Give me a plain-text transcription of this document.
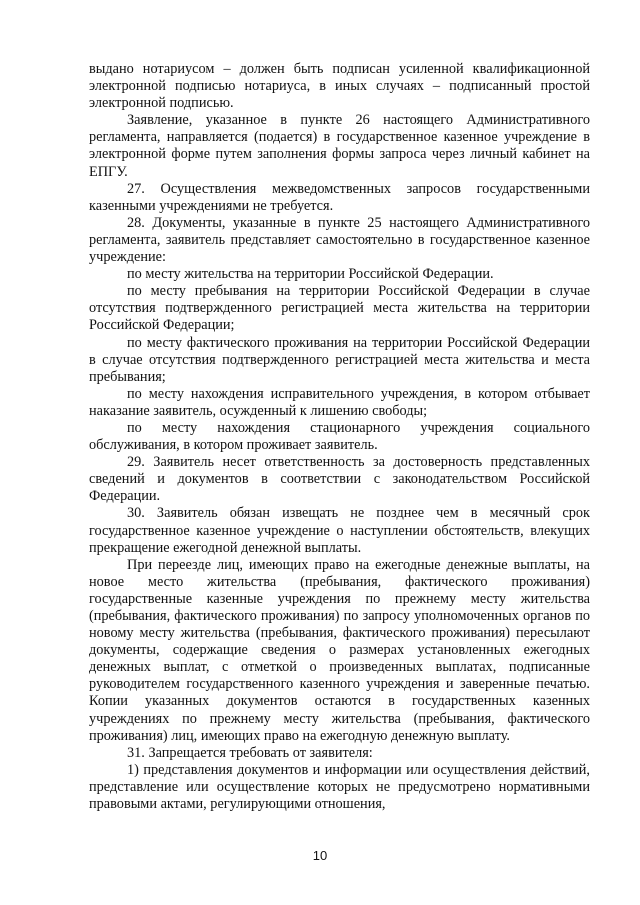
выдано нотариусом – должен быть подписан усиленной квалификационной электронной подписью нотариуса, в иных случаях – подписанный простой электронной подписью.

Заявление, указанное в пункте 26 настоящего Административного регламента, направляется (подается) в государственное казенное учреждение в электронной форме путем заполнения формы запроса через личный кабинет на ЕПГУ.

27. Осуществления межведомственных запросов государственными казенными учреждениями не требуется.

28. Документы, указанные в пункте 25 настоящего Административного регламента, заявитель представляет самостоятельно в государственное казенное учреждение:

по месту жительства на территории Российской Федерации.

по месту пребывания на территории Российской Федерации в случае отсутствия подтвержденного регистрацией места жительства на территории Российской Федерации;

по месту фактического проживания на территории Российской Федерации в случае отсутствия подтвержденного регистрацией места жительства и места пребывания;

по месту нахождения исправительного учреждения, в котором отбывает наказание заявитель, осужденный к лишению свободы;

по месту нахождения стационарного учреждения социального обслуживания, в котором проживает заявитель.

29. Заявитель несет ответственность за достоверность представленных сведений и документов в соответствии с законодательством Российской Федерации.

30. Заявитель обязан извещать не позднее чем в месячный срок государственное казенное учреждение о наступлении обстоятельств, влекущих прекращение ежегодной денежной выплаты.

При переезде лиц, имеющих право на ежегодные денежные выплаты, на новое место жительства (пребывания, фактического проживания) государственные казенные учреждения по прежнему месту жительства (пребывания, фактического проживания) по запросу уполномоченных органов по новому месту жительства (пребывания, фактического проживания) пересылают документы, содержащие сведения о размерах установленных ежегодных денежных выплат, с отметкой о произведенных выплатах, подписанные руководителем государственного казенного учреждения и заверенные печатью. Копии указанных документов остаются в государственных казенных учреждениях по прежнему месту жительства (пребывания, фактического проживания) лиц, имеющих право на ежегодную денежную выплату.

31. Запрещается требовать от заявителя:

1) представления документов и информации или осуществления действий, представление или осуществление которых не предусмотрено нормативными правовыми актами, регулирующими отношения,

10
